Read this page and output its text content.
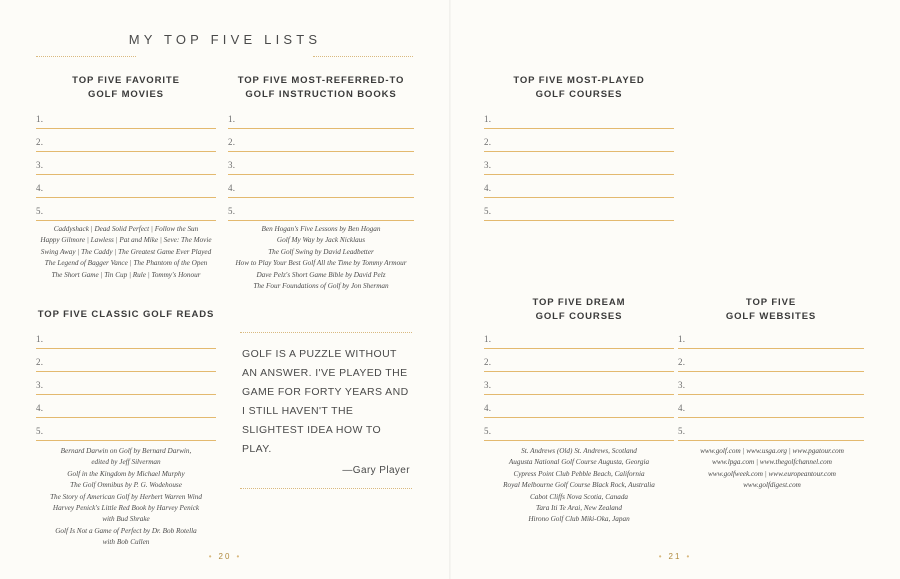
MY TOP FIVE LISTS
TOP FIVE FAVORITE
GOLF MOVIES
1.
2.
3.
4.
5.
Caddyshack | Dead Solid Perfect | Follow the Sun
Happy Gilmore | Lawless | Pat and Mike | Seve: The Movie
Swing Away | The Caddy | The Greatest Game Ever Played
The Legend of Bagger Vance | The Phantom of the Open
The Short Game | Tin Cup | Rule | Tommy's Honour
TOP FIVE MOST-REFERRED-TO
GOLF INSTRUCTION BOOKS
1.
2.
3.
4.
5.
Ben Hogan's Five Lessons by Ben Hogan
Golf My Way by Jack Nicklaus
The Golf Swing by David Leadbetter
How to Play Your Best Golf All the Time by Tommy Armour
Dave Pelz's Short Game Bible by David Pelz
The Four Foundations of Golf by Jon Sherman
TOP FIVE CLASSIC GOLF READS
1.
2.
3.
4.
5.
Bernard Darwin on Golf by Bernard Darwin,
edited by Jeff Silverman
Golf in the Kingdom by Michael Murphy
The Golf Omnibus by P. G. Wodehouse
The Story of American Golf by Herbert Warren Wind
Harvey Penick's Little Red Book by Harvey Penick
with Bud Shrake
Golf Is Not a Game of Perfect by Dr. Bob Rotella
with Bob Cullen
GOLF IS A PUZZLE WITHOUT AN ANSWER. I'VE PLAYED THE GAME FOR FORTY YEARS AND I STILL HAVEN'T THE SLIGHTEST IDEA HOW TO PLAY.
—Gary Player
• 20 •
TOP FIVE MOST-PLAYED
GOLF COURSES
1.
2.
3.
4.
5.
TOP FIVE DREAM
GOLF COURSES
1.
2.
3.
4.
5.
St. Andrews (Old) St. Andrews, Scotland
Augusta National Golf Course Augusta, Georgia
Cypress Point Club Pebble Beach, California
Royal Melbourne Golf Course Black Rock, Australia
Cabot Cliffs Nova Scotia, Canada
Tara Iti Te Arai, New Zealand
Hirono Golf Club Miki-Oka, Japan
TOP FIVE
GOLF WEBSITES
1.
2.
3.
4.
5.
www.golf.com | www.usga.org | www.pgatour.com
www.lpga.com | www.thegolfchannel.com
www.golfweek.com | www.europeantour.com
www.golfdigest.com
• 21 •
